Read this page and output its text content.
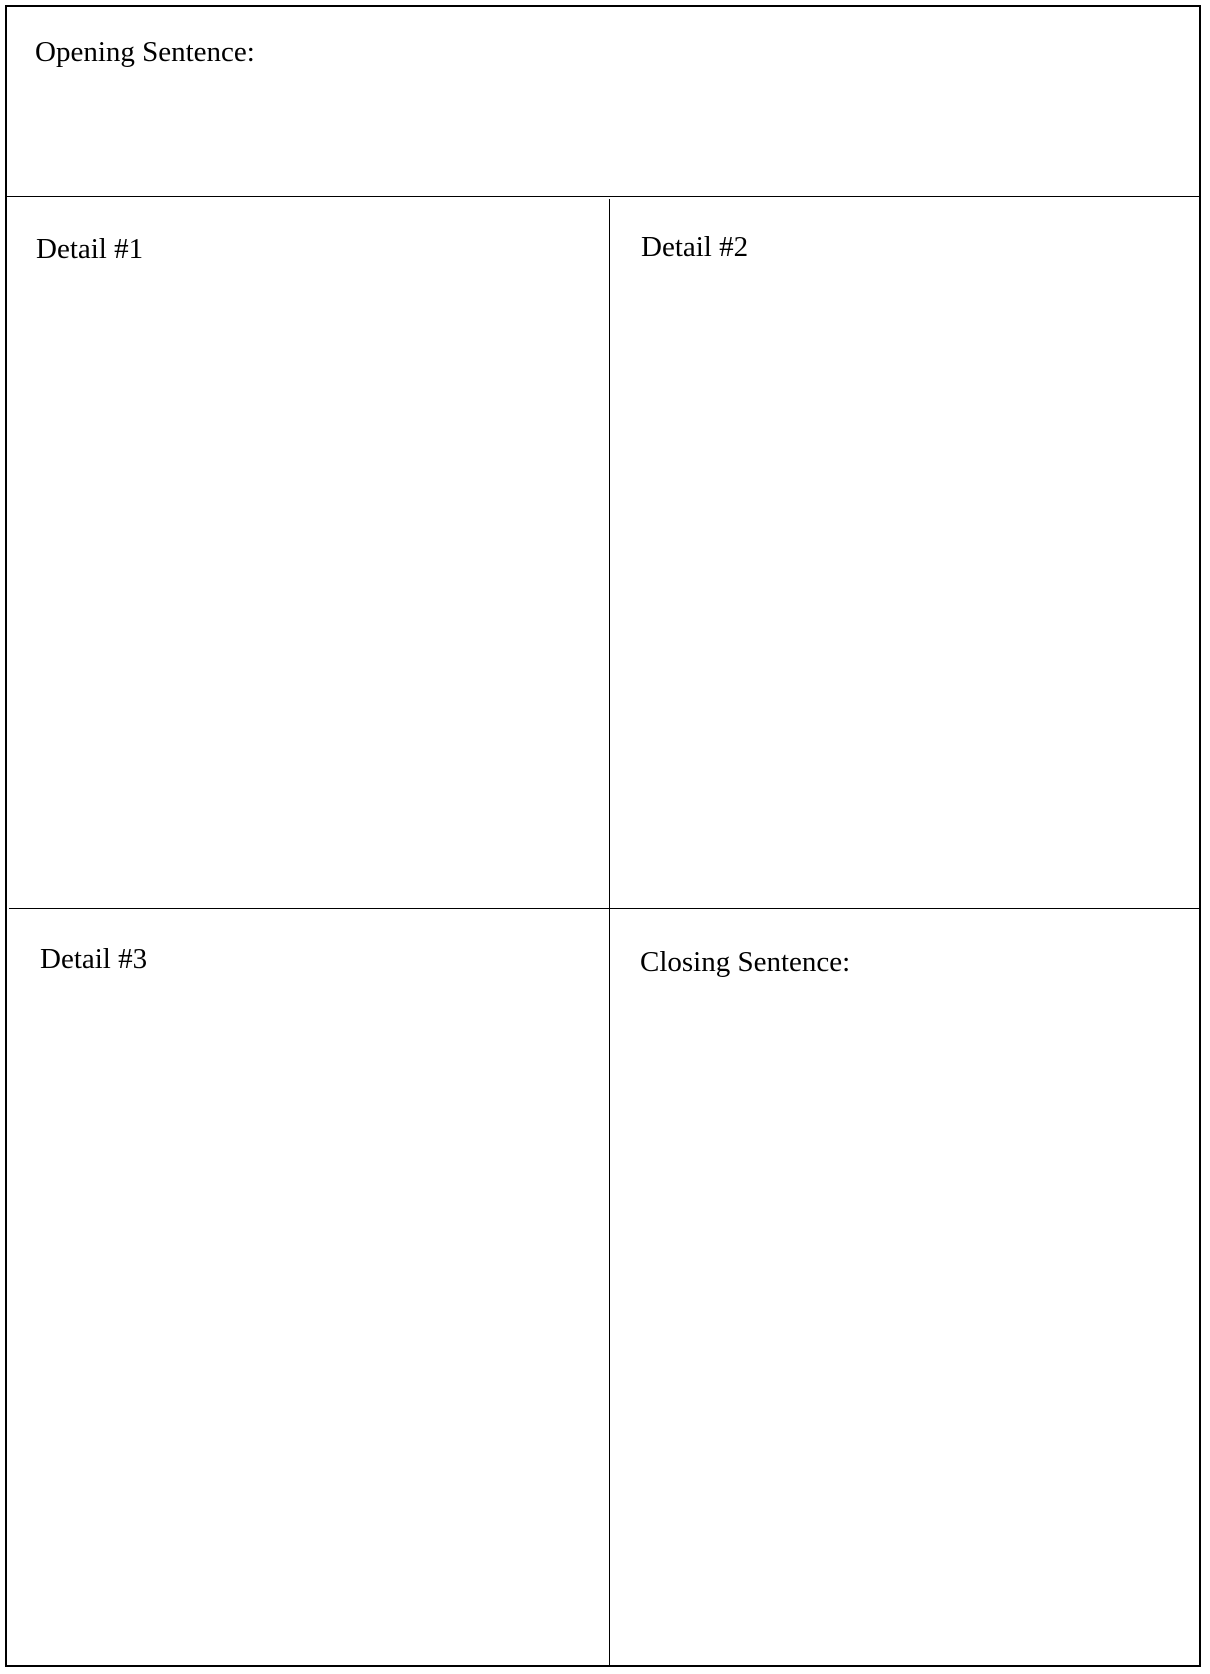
Opening Sentence:
Detail #1	Detail #2
Detail #3	Closing Sentence:
